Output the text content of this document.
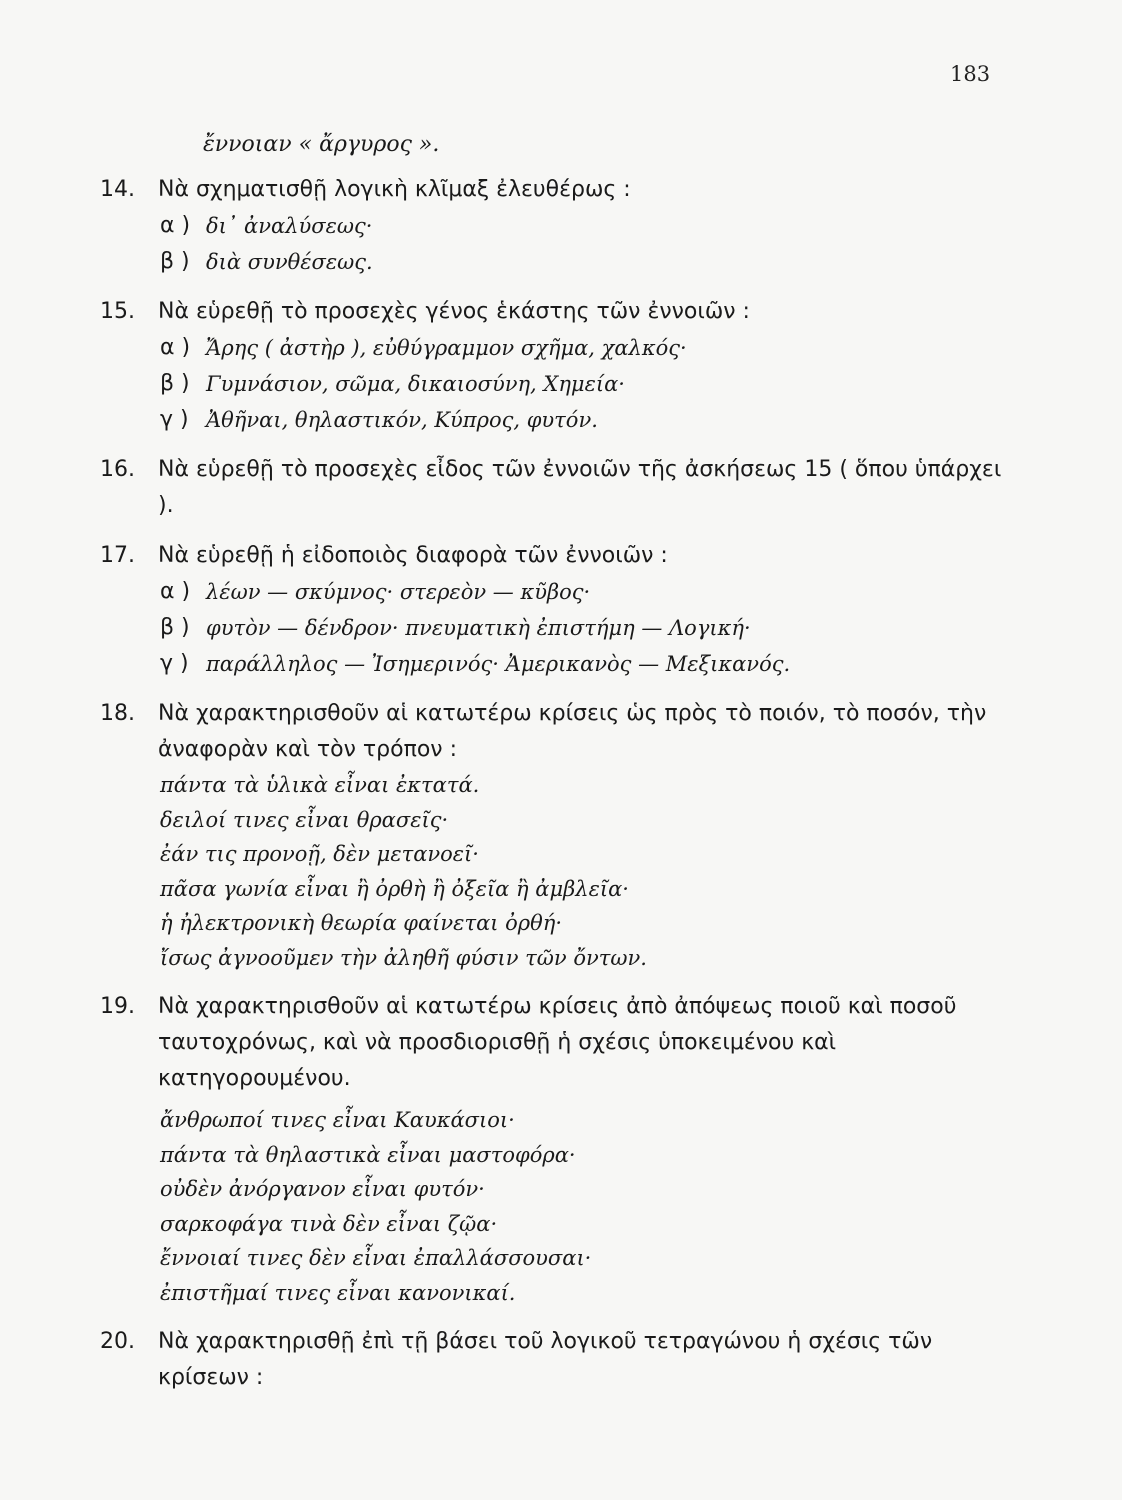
183
ἔννοιαν « ἄργυρος ».
14.	Νὰ σχηματισθῇ λογικὴ κλῖμαξ ἐλευθέρως :
α ) δι᾽ ἀναλύσεως·
β ) διὰ συνθέσεως.
15.	Νὰ εὑρεθῇ τὸ προσεχὲς γένος ἑκάστης τῶν ἐννοιῶν :
α ) Ἄρης ( ἀστὴρ ), εὐθύγραμμον σχῆμα, χαλκός·
β ) Γυμνάσιον, σῶμα, δικαιοσύνη, Χημεία·
γ ) Ἀθῆναι, θηλαστικόν, Κύπρος, φυτόν.
16.	Νὰ εὑρεθῇ τὸ προσεχὲς εἶδος τῶν ἐννοιῶν τῆς ἀσκήσεως 15 ( ὅπου ὑπάρχει ).
17.	Νὰ εὑρεθῇ ἡ εἰδοποιὸς διαφορὰ τῶν ἐννοιῶν :
α ) λέων — σκύμνος· στερεὸν — κῦβος·
β ) φυτὸν — δένδρον· πνευματικὴ ἐπιστήμη — Λογική·
γ ) παράλληλος — Ἰσημερινός· Ἀμερικανὸς — Μεξικανός.
18.	Νὰ χαρακτηρισθοῦν αἱ κατωτέρω κρίσεις ὡς πρὸς τὸ ποιόν, τὸ ποσόν, τὴν ἀναφορὰν καὶ τὸν τρόπον :
πάντα τὰ ὑλικὰ εἶναι ἐκτατά.
δειλοί τινες εἶναι θρασεῖς·
ἐάν τις προνοῇ, δὲν μετανοεῖ·
πᾶσα γωνία εἶναι ἢ ὀρθὴ ἢ ὀξεῖα ἢ ἀμβλεῖα·
ἡ ἠλεκτρονικὴ θεωρία φαίνεται ὀρθή·
ἴσως ἀγνοοῦμεν τὴν ἀληθῆ φύσιν τῶν ὄντων.
19.	Νὰ χαρακτηρισθοῦν αἱ κατωτέρω κρίσεις ἀπὸ ἀπόψεως ποιοῦ καὶ ποσοῦ ταυτοχρόνως, καὶ νὰ προσδιορισθῇ ἡ σχέσις ὑποκειμένου καὶ κατηγορουμένου.
ἄνθρωποί τινες εἶναι Καυκάσιοι·
πάντα τὰ θηλαστικὰ εἶναι μαστοφόρα·
οὐδὲν ἀνόργανον εἶναι φυτόν·
σαρκοφάγα τινὰ δὲν εἶναι ζῷα·
ἔννοιαί τινες δὲν εἶναι ἐπαλλάσσουσαι·
ἐπιστῆμαί τινες εἶναι κανονικαί.
20.	Νὰ χαρακτηρισθῇ ἐπὶ τῇ βάσει τοῦ λογικοῦ τετραγώνου ἡ σχέσις τῶν κρίσεων :
